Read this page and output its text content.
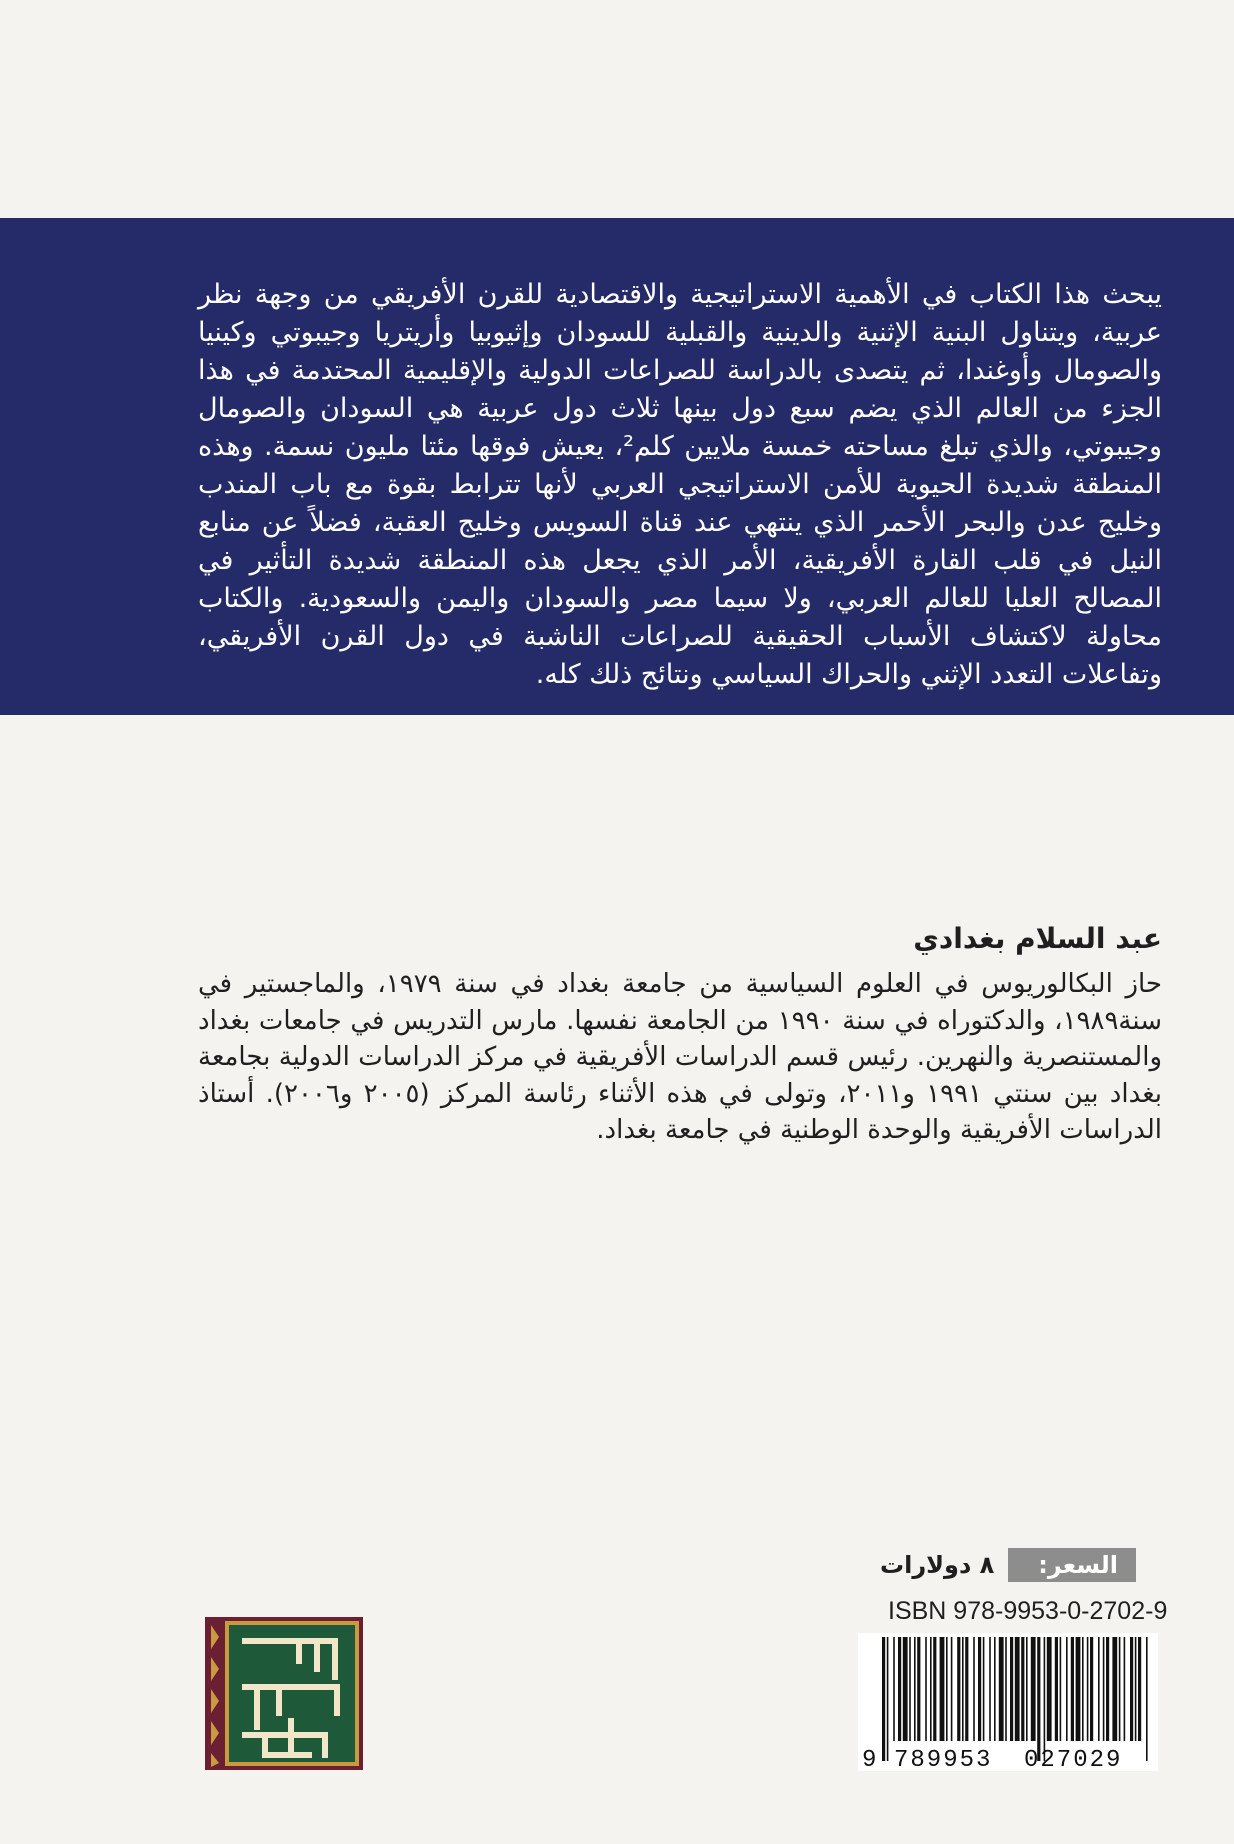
يبحث هذا الكتاب في الأهمية الاستراتيجية والاقتصادية للقرن الأفريقي من وجهة نظر عربية، ويتناول البنية الإثنية والدينية والقبلية للسودان وإثيوبيا وأريتريا وجيبوتي وكينيا والصومال وأوغندا، ثم يتصدى بالدراسة للصراعات الدولية والإقليمية المحتدمة في هذا الجزء من العالم الذي يضم سبع دول بينها ثلاث دول عربية هي السودان والصومال وجيبوتي، والذي تبلغ مساحته خمسة ملايين كلم²، يعيش فوقها مئتا مليون نسمة. وهذه المنطقة شديدة الحيوية للأمن الاستراتيجي العربي لأنها تترابط بقوة مع باب المندب وخليج عدن والبحر الأحمر الذي ينتهي عند قناة السويس وخليج العقبة، فضلاً عن منابع النيل في قلب القارة الأفريقية، الأمر الذي يجعل هذه المنطقة شديدة التأثير في المصالح العليا للعالم العربي، ولا سيما مصر والسودان واليمن والسعودية. والكتاب محاولة لاكتشاف الأسباب الحقيقية للصراعات الناشبة في دول القرن الأفريقي، وتفاعلات التعدد الإثني والحراك السياسي ونتائج ذلك كله.

عبد السلام بغدادي

حاز البكالوريوس في العلوم السياسية من جامعة بغداد في سنة ١٩٧٩، والماجستير في سنة١٩٨٩، والدكتوراه في سنة ١٩٩٠ من الجامعة نفسها. مارس التدريس في جامعات بغداد والمستنصرية والنهرين. رئيس قسم الدراسات الأفريقية في مركز الدراسات الدولية بجامعة بغداد بين سنتي ١٩٩١ و٢٠١١، وتولى في هذه الأثناء رئاسة المركز (٢٠٠٥ و٢٠٠٦). أستاذ الدراسات الأفريقية والوحدة الوطنية في جامعة بغداد.

السعر:
٨ دولارات
ISBN 978-9953-0-2702-9
9 789953 027029
